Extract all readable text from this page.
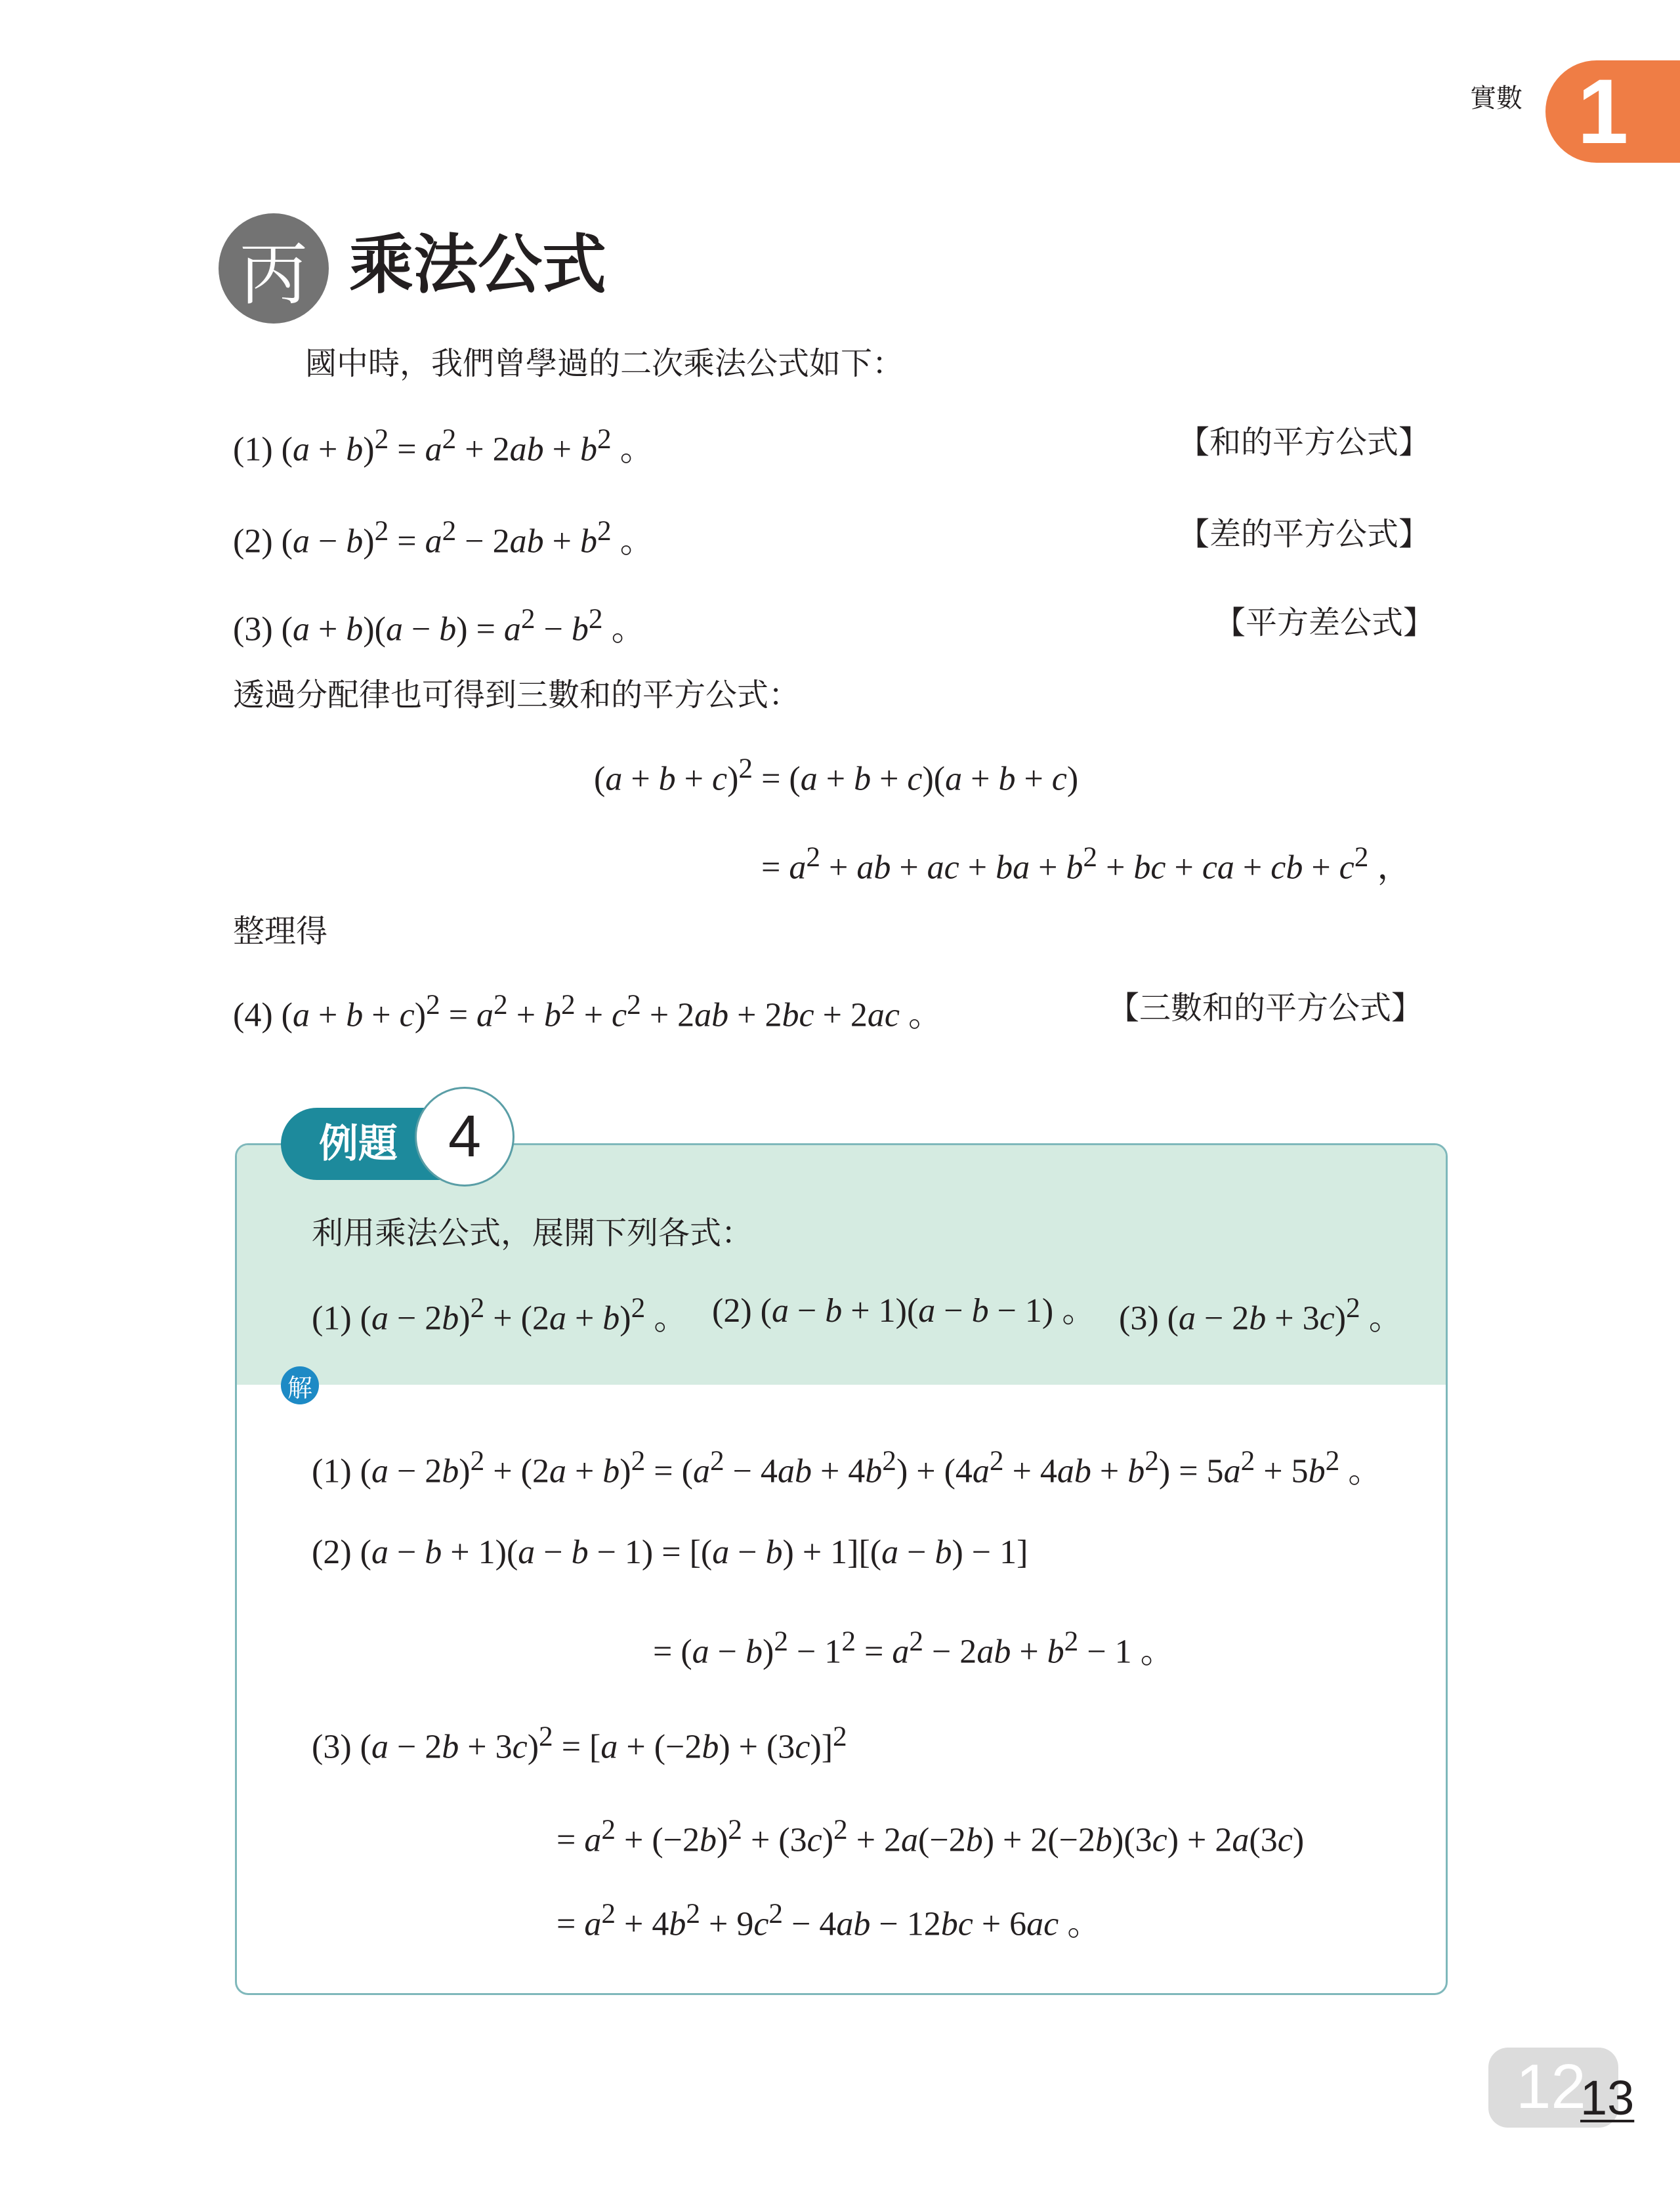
實數 1
丙 乘法公式
國中時，我們曾學過的二次乘法公式如下：
(1) $(a + b)^2 = a^2 + 2ab + b^2$ 。	【和的平方公式】
(2) $(a - b)^2 = a^2 - 2ab + b^2$ 。	【差的平方公式】
(3) $(a + b)(a - b) = a^2 - b^2$ 。	【平方差公式】
透過分配律也可得到三數和的平方公式：
$(a + b + c)^2 = (a + b + c)(a + b + c)$
= $a^2$ + ab + ac + ba + $b^2$ + bc + ca + cb + $c^2$ ，
整理得
(4) $(a + b + c)^2 = a^2 + b^2 + c^2 + 2ab + 2bc + 2ac$ 。	【三數和的平方公式】
例題 4
利用乘法公式，展開下列各式：
(1) $(a - 2b)^2 + (2a + b)^2$ 。 (2) (a − b + 1)(a − b − 1) 。 (3) $(a - 2b + 3c)^2$ 。
解
(1) $(a - 2b)^2 + (2a + b)^2 = (a^2 - 4ab + 4b^2) + (4a^2 + 4ab + b^2) = 5a^2 + 5b^2$ 。
(2) (a − b + 1)(a − b − 1) = [(a − b) + 1][(a − b) − 1]
= $(a - b)^2 - 1^2 = a^2 - 2ab + b^2 - 1$ 。
(3) $(a - 2b + 3c)^2 = [a + (-2b) + (3c)]^2$
= $a^2 + (-2b)^2 + (3c)^2 + 2a(-2b) + 2(-2b)(3c) + 2a(3c)$
= $a^2 + 4b^2 + 9c^2 - 4ab - 12bc + 6ac$ 。
12
13
